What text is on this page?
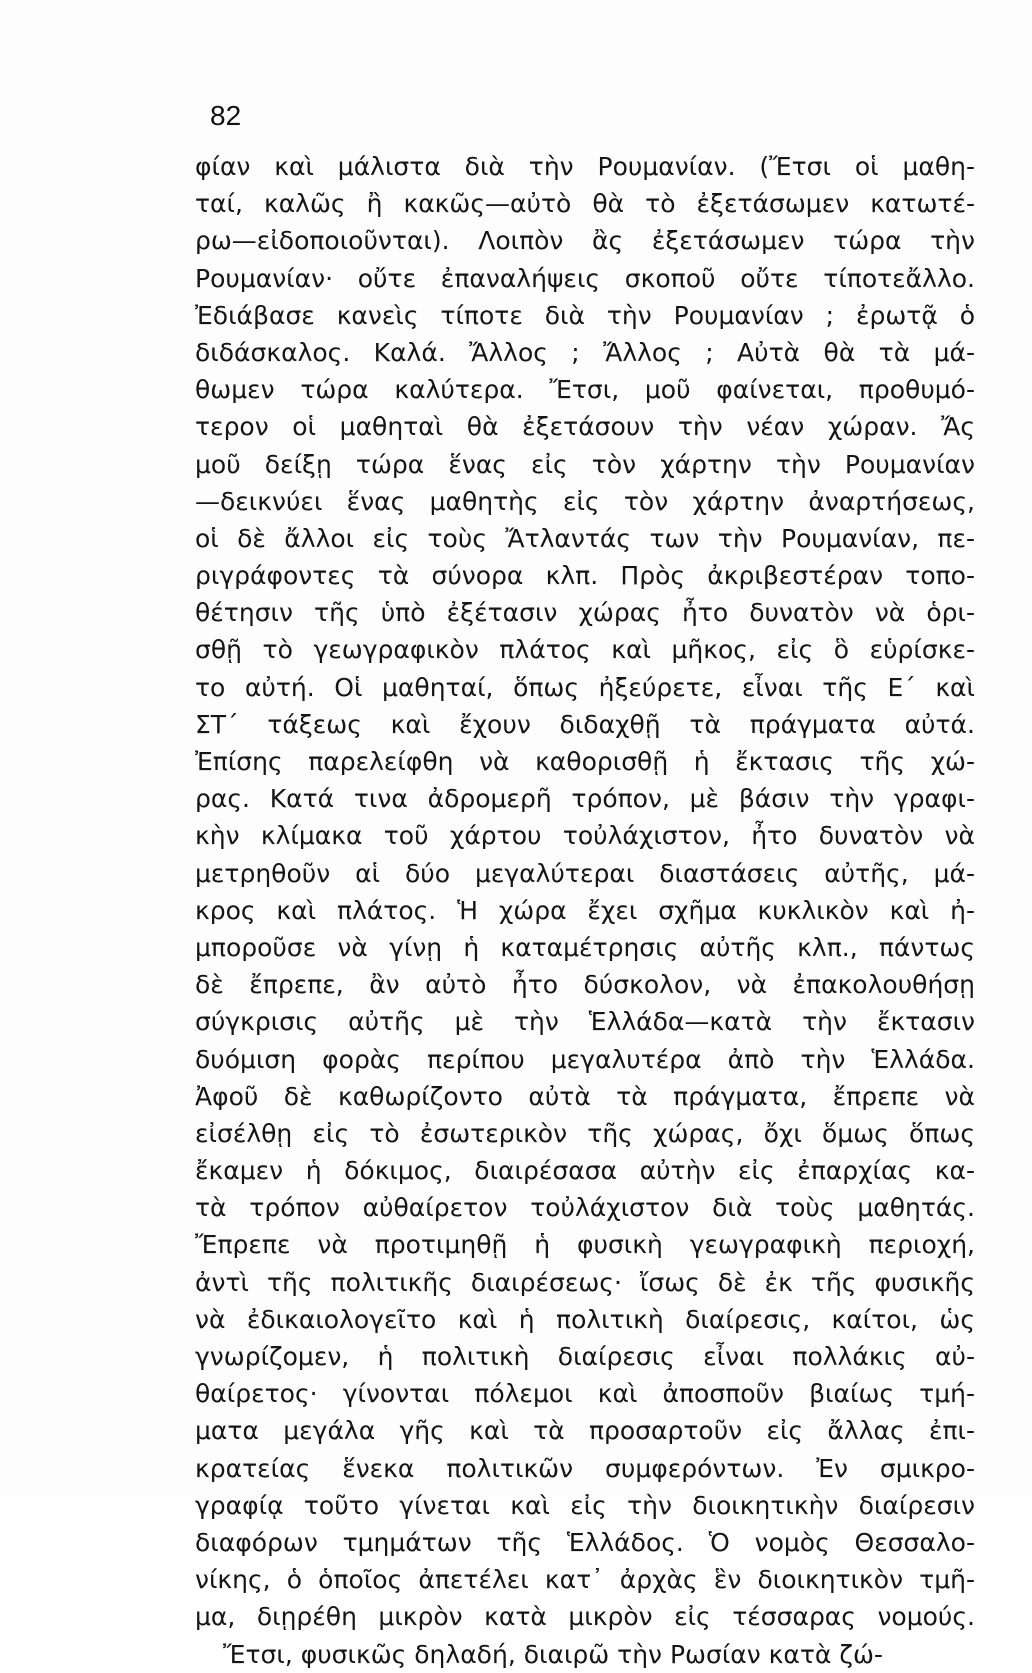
82

φίαν καὶ μάλιστα διὰ τὴν Ρουμανίαν. (Ἔτσι οἱ μαθη-
ταί, καλῶς ἢ κακῶς—αὐτὸ θὰ τὸ ἐξετάσωμεν κατωτέ-
ρω—εἰδοποιοῦνται). Λοιπὸν ἂς ἐξετάσωμεν τώρα τὴν
Ρουμανίαν· οὔτε ἐπαναλήψεις σκοποῦ οὔτε τίποτεἄλλο.
Ἐδιάβασε κανεὶς τίποτε διὰ τὴν Ρουμανίαν ; ἐρωτᾷ ὁ
διδάσκαλος. Καλά. Ἄλλος ; Ἄλλος ; Αὐτὰ θὰ τὰ μά-
θωμεν τώρα καλύτερα. Ἔτσι, μοῦ φαίνεται, προθυμό-
τερον οἱ μαθηταὶ θὰ ἐξετάσουν τὴν νέαν χώραν. Ἄς
μοῦ δείξῃ τώρα ἕνας εἰς τὸν χάρτην τὴν Ρουμανίαν
—δεικνύει ἕνας μαθητὴς εἰς τὸν χάρτην ἀναρτήσεως,
οἱ δὲ ἄλλοι εἰς τοὺς Ἄτλαντάς των τὴν Ρουμανίαν, πε-
ριγράφοντες τὰ σύνορα κλπ. Πρὸς ἀκριβεστέραν τοπο-
θέτησιν τῆς ὑπὸ ἐξέτασιν χώρας ἦτο δυνατὸν νὰ ὁρι-
σθῇ τὸ γεωγραφικὸν πλάτος καὶ μῆκος, εἰς ὃ εὑρίσκε-
το αὐτή. Οἱ μαθηταί, ὅπως ἠξεύρετε, εἶναι τῆς Ε΄ καὶ
ΣΤ΄ τάξεως καὶ ἔχουν διδαχθῇ τὰ πράγματα αὐτά.
Ἐπίσης παρελείφθη νὰ καθορισθῇ ἡ ἔκτασις τῆς χώ-
ρας. Κατά τινα ἀδρομερῆ τρόπον, μὲ βάσιν τὴν γραφι-
κὴν κλίμακα τοῦ χάρτου τοὐλάχιστον, ἦτο δυνατὸν νὰ
μετρηθοῦν αἱ δύο μεγαλύτεραι διαστάσεις αὐτῆς, μά-
κρος καὶ πλάτος. Ἡ χώρα ἔχει σχῆμα κυκλικὸν καὶ ἠ-
μποροῦσε νὰ γίνῃ ἡ καταμέτρησις αὐτῆς κλπ., πάντως
δὲ ἔπρεπε, ἂν αὐτὸ ἦτο δύσκολον, νὰ ἐπακολουθήσῃ
σύγκρισις αὐτῆς μὲ τὴν Ἑλλάδα—κατὰ τὴν ἔκτασιν
δυόμιση φορὰς περίπου μεγαλυτέρα ἀπὸ τὴν Ἑλλάδα.
Ἀφοῦ δὲ καθωρίζοντο αὐτὰ τὰ πράγματα, ἔπρεπε νὰ
εἰσέλθῃ εἰς τὸ ἐσωτερικὸν τῆς χώρας, ὄχι ὅμως ὅπως
ἔκαμεν ἡ δόκιμος, διαιρέσασα αὐτὴν εἰς ἐπαρχίας κα-
τὰ τρόπον αὐθαίρετον τοὐλάχιστον διὰ τοὺς μαθητάς.
Ἔπρεπε νὰ προτιμηθῇ ἡ φυσικὴ γεωγραφικὴ περιοχή,
ἀντὶ τῆς πολιτικῆς διαιρέσεως· ἴσως δὲ ἐκ τῆς φυσικῆς
νὰ ἐδικαιολογεῖτο καὶ ἡ πολιτικὴ διαίρεσις, καίτοι, ὡς
γνωρίζομεν, ἡ πολιτικὴ διαίρεσις εἶναι πολλάκις αὐ-
θαίρετος· γίνονται πόλεμοι καὶ ἀποσποῦν βιαίως τμή-
ματα μεγάλα γῆς καὶ τὰ προσαρτοῦν εἰς ἄλλας ἐπι-
κρατείας ἕνεκα πολιτικῶν συμφερόντων. Ἐν σμικρο-
γραφίᾳ τοῦτο γίνεται καὶ εἰς τὴν διοικητικὴν διαίρεσιν
διαφόρων τμημάτων τῆς Ἑλλάδος. Ὁ νομὸς Θεσσαλο-
νίκης, ὁ ὁποῖος ἀπετέλει κατ᾽ ἀρχὰς ἓν διοικητικὸν τμῆ-
μα, διῃρέθη μικρὸν κατὰ μικρὸν εἰς τέσσαρας νομούς.
Ἔτσι, φυσικῶς δηλαδή, διαιρῶ τὴν Ρωσίαν κατὰ ζώ-
